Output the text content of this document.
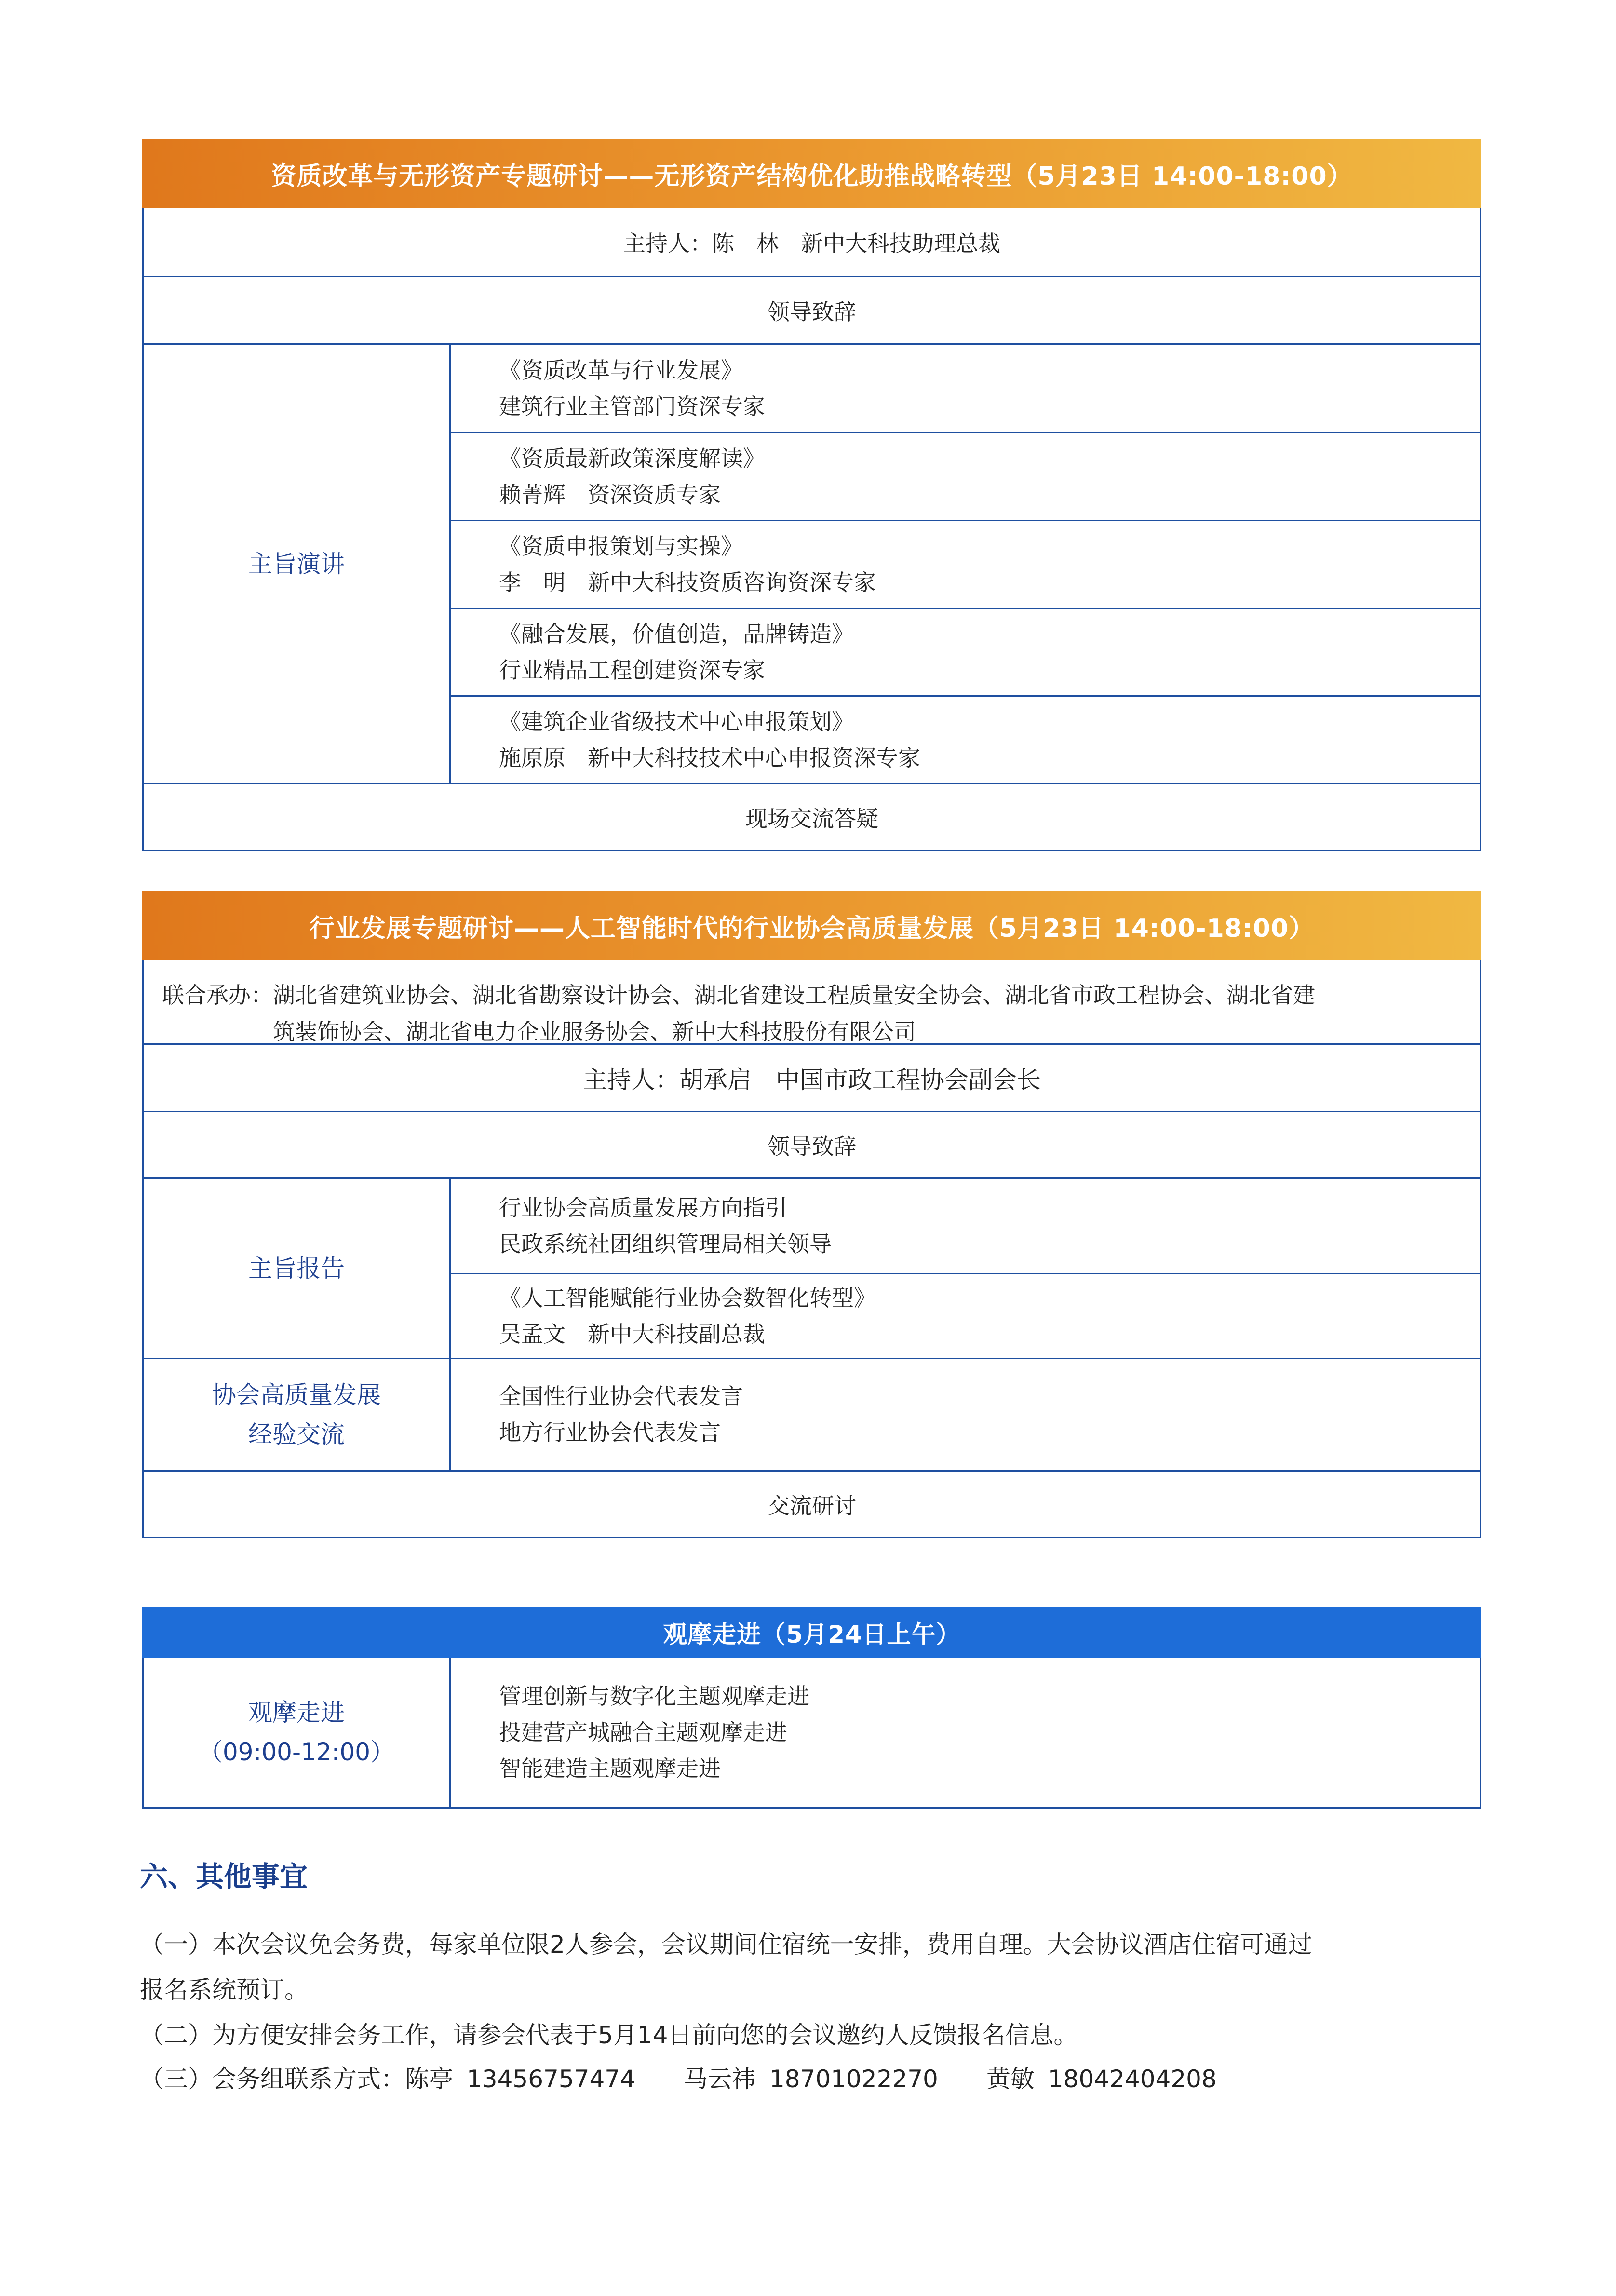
资质改革与无形资产专题研讨——无形资产结构优化助推战略转型（5月23日 14:00-18:00）
主持人：陈　林　新中大科技助理总裁
领导致辞
主旨演讲
《资质改革与行业发展》
建筑行业主管部门资深专家
《资质最新政策深度解读》
赖菁辉　资深资质专家
《资质申报策划与实操》
李　明　新中大科技资质咨询资深专家
《融合发展，价值创造，品牌铸造》
行业精品工程创建资深专家
《建筑企业省级技术中心申报策划》
施原原　新中大科技技术中心申报资深专家
现场交流答疑
行业发展专题研讨——人工智能时代的行业协会高质量发展（5月23日 14:00-18:00）
联合承办： 湖北省建筑业协会、湖北省勘察设计协会、湖北省建设工程质量安全协会、湖北省市政工程协会、湖北省建
筑装饰协会、湖北省电力企业服务协会、新中大科技股份有限公司
主持人：胡承启　中国市政工程协会副会长
领导致辞
主旨报告
行业协会高质量发展方向指引
民政系统社团组织管理局相关领导
《人工智能赋能行业协会数智化转型》
吴孟文　新中大科技副总裁
协会高质量发展
经验交流
全国性行业协会代表发言
地方行业协会代表发言
交流研讨
观摩走进（5月24日上午）
观摩走进
（09:00-12:00）
管理创新与数字化主题观摩走进
投建营产城融合主题观摩走进
智能建造主题观摩走进
六、其他事宜
（一）本次会议免会务费，每家单位限2人参会，会议期间住宿统一安排，费用自理。大会协议酒店住宿可通过
报名系统预订。
（二）为方便安排会务工作，请参会代表于5月14日前向您的会议邀约人反馈报名信息。
（三）会务组联系方式：陈亭 13456757474 马云祎 18701022270 黄敏 18042404208
